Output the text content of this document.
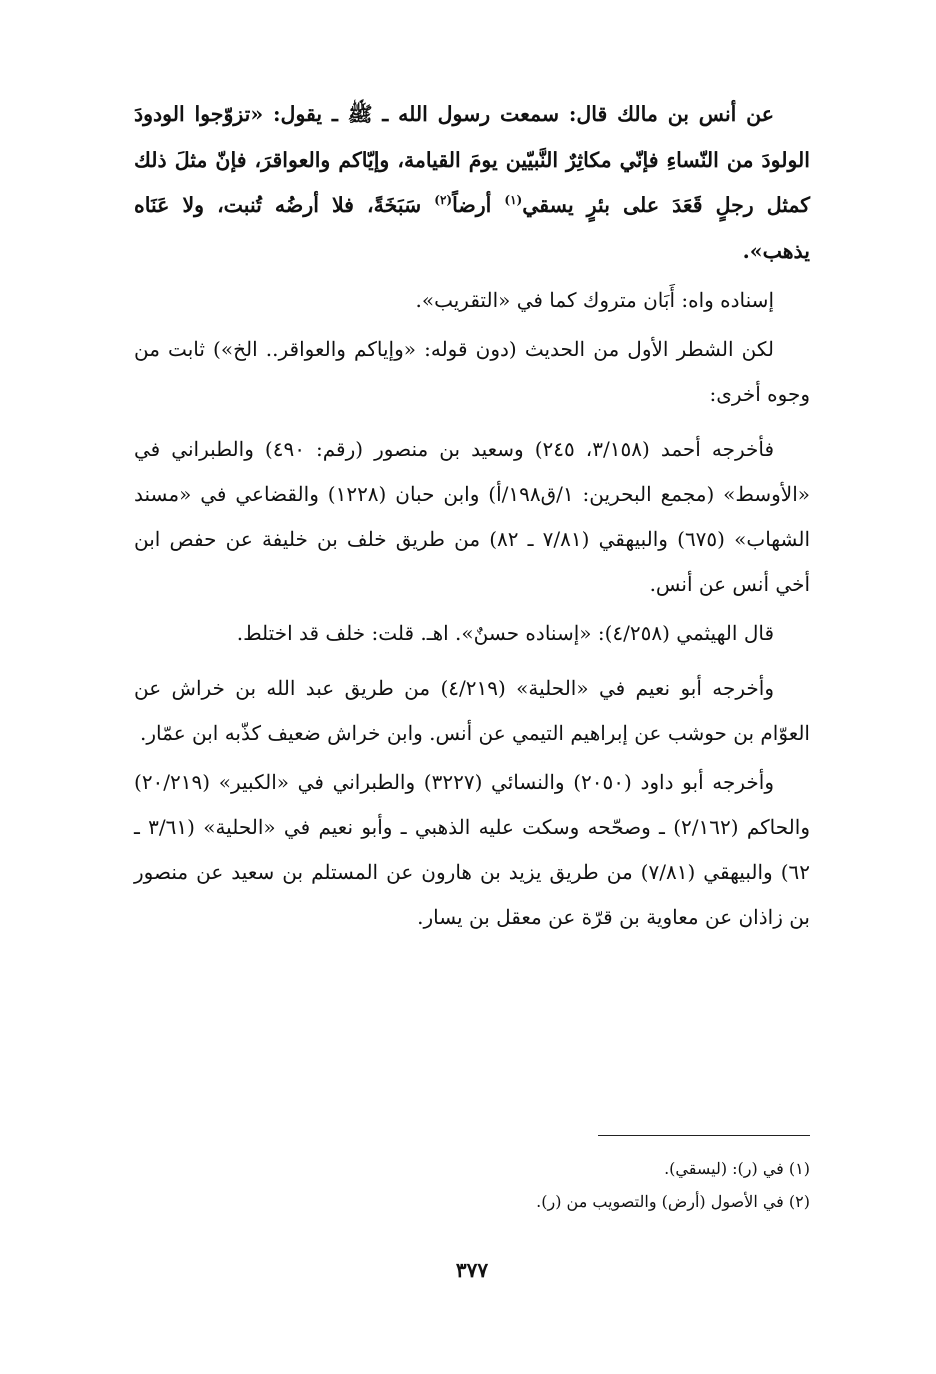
عن أنس بن مالك قال: سمعت رسول الله ـ ﷺ ـ يقول: «تزوّجوا الودودَ الولودَ من النّساءِ فإنّي مكاثِرٌ النَّبيّين يومَ القيامة، وإيّاكم والعواقرَ، فإنّ مثلَ ذلك كمثل رجلٍ قَعَدَ على بئرٍ يسقي$^{(١)}$ أرضاً$^{(٢)}$ سَبَخَةً، فلا أرضُه تُنبت، ولا عَنَاه يذهب».

إسناده واه: أَبَان متروك كما في «التقريب».

لكن الشطر الأول من الحديث (دون قوله: «وإياكم والعواقر.. الخ») ثابت من وجوه أخرى:

فأخرجه أحمد (٣/١٥٨، ٢٤٥) وسعيد بن منصور (رقم: ٤٩٠) والطبراني في «الأوسط» (مجمع البحرين: ١/ق١٩٨/أ) وابن حبان (١٢٢٨) والقضاعي في «مسند الشهاب» (٦٧٥) والبيهقي (٧/٨١ ـ ٨٢) من طريق خلف بن خليفة عن حفص ابن أخي أنس عن أنس.

قال الهيثمي (٤/٢٥٨): «إسناده حسنٌ». اهـ. قلت: خلف قد اختلط.

وأخرجه أبو نعيم في «الحلية» (٤/٢١٩) من طريق عبد الله بن خراش عن العوّام بن حوشب عن إبراهيم التيمي عن أنس. وابن خراش ضعيف كذّبه ابن عمّار.

وأخرجه أبو داود (٢٠٥٠) والنسائي (٣٢٢٧) والطبراني في «الكبير» (٢٠/٢١٩) والحاكم (٢/١٦٢) ـ وصحّحه وسكت عليه الذهبي ـ وأبو نعيم في «الحلية» (٣/٦١ ـ ٦٢) والبيهقي (٧/٨١) من طريق يزيد بن هارون عن المستلم بن سعيد عن منصور بن زاذان عن معاوية بن قرّة عن معقل بن يسار.

(١) في (ر): (ليسقي).

(٢) في الأصول (أرض) والتصويب من (ر).

٣٧٧
